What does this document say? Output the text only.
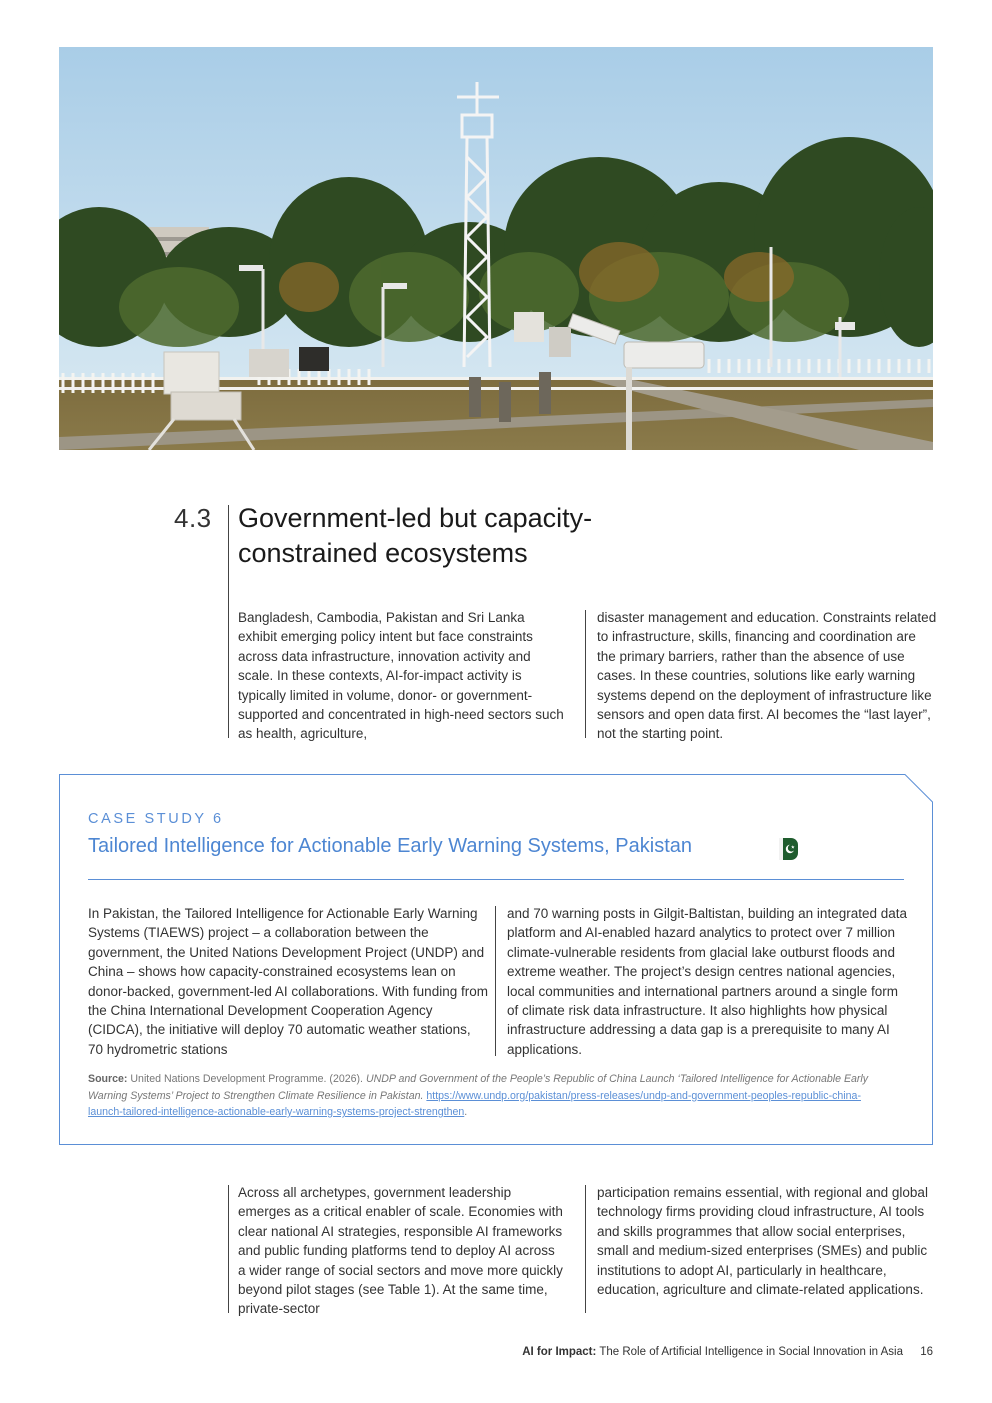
4.3 Government-led but capacity-constrained ecosystems
Bangladesh, Cambodia, Pakistan and Sri Lanka exhibit emerging policy intent but face constraints across data infrastructure, innovation activity and scale. In these contexts, AI-for-impact activity is typically limited in volume, donor- or government-supported and concentrated in high-need sectors such as health, agriculture,
disaster management and education. Constraints related to infrastructure, skills, financing and coordination are the primary barriers, rather than the absence of use cases. In these countries, solutions like early warning systems depend on the deployment of infrastructure like sensors and open data first. AI becomes the “last layer”, not the starting point.
CASE STUDY 6
Tailored Intelligence for Actionable Early Warning Systems, Pakistan
In Pakistan, the Tailored Intelligence for Actionable Early Warning Systems (TIAEWS) project – a collaboration between the government, the United Nations Development Project (UNDP) and China – shows how capacity-constrained ecosystems lean on donor-backed, government-led AI collaborations. With funding from the China International Development Cooperation Agency (CIDCA), the initiative will deploy 70 automatic weather stations, 70 hydrometric stations
and 70 warning posts in Gilgit-Baltistan, building an integrated data platform and AI-enabled hazard analytics to protect over 7 million climate-vulnerable residents from glacial lake outburst floods and extreme weather. The project’s design centres national agencies, local communities and international partners around a single form of climate risk data infrastructure. It also highlights how physical infrastructure addressing a data gap is a prerequisite to many AI applications.
Source: United Nations Development Programme. (2026). UNDP and Government of the People’s Republic of China Launch ‘Tailored Intelligence for Actionable Early Warning Systems’ Project to Strengthen Climate Resilience in Pakistan. https://www.undp.org/pakistan/press-releases/undp-and-government-peoples-republic-china-launch-tailored-intelligence-actionable-early-warning-systems-project-strengthen.
Across all archetypes, government leadership emerges as a critical enabler of scale. Economies with clear national AI strategies, responsible AI frameworks and public funding platforms tend to deploy AI across a wider range of social sectors and move more quickly beyond pilot stages (see Table 1). At the same time, private-sector
participation remains essential, with regional and global technology firms providing cloud infrastructure, AI tools and skills programmes that allow social enterprises, small and medium-sized enterprises (SMEs) and public institutions to adopt AI, particularly in healthcare, education, agriculture and climate-related applications.
AI for Impact: The Role of Artificial Intelligence in Social Innovation in Asia 16
